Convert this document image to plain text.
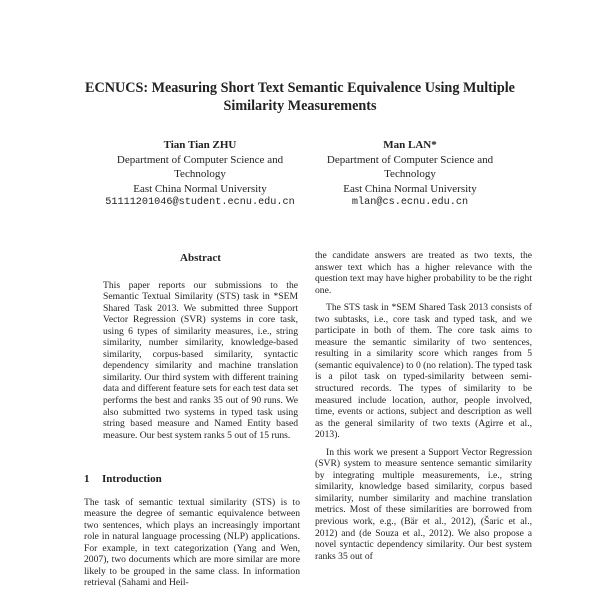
ECNUCS: Measuring Short Text Semantic Equivalence Using Multiple Similarity Measurements
Tian Tian ZHU
Department of Computer Science and Technology
East China Normal University
51111201046@student.ecnu.edu.cn
Man LAN*
Department of Computer Science and Technology
East China Normal University
mlan@cs.ecnu.edu.cn
Abstract

This paper reports our submissions to the Semantic Textual Similarity (STS) task in *SEM Shared Task 2013. We submitted three Support Vector Regression (SVR) systems in core task, using 6 types of similarity measures, i.e., string similarity, number similarity, knowledge-based similarity, corpus-based similarity, syntactic dependency similarity and machine translation similarity. Our third system with different training data and different feature sets for each test data set performs the best and ranks 35 out of 90 runs. We also submitted two systems in typed task using string based measure and Named Entity based measure. Our best system ranks 5 out of 15 runs.

1 Introduction

The task of semantic textual similarity (STS) is to measure the degree of semantic equivalence between two sentences, which plays an increasingly important role in natural language processing (NLP) applications. For example, in text categorization (Yang and Wen, 2007), two documents which are more similar are more likely to be grouped in the same class. In information retrieval (Sahami and Heil-

the candidate answers are treated as two texts, the answer text which has a higher relevance with the question text may have higher probability to be the right one.

The STS task in *SEM Shared Task 2013 consists of two subtasks, i.e., core task and typed task, and we participate in both of them. The core task aims to measure the semantic similarity of two sentences, resulting in a similarity score which ranges from 5 (semantic equivalence) to 0 (no relation). The typed task is a pilot task on typed-similarity between semi-structured records. The types of similarity to be measured include location, author, people involved, time, events or actions, subject and description as well as the general similarity of two texts (Agirre et al., 2013).

In this work we present a Support Vector Regression (SVR) system to measure sentence semantic similarity by integrating multiple measurements, i.e., string similarity, knowledge based similarity, corpus based similarity, number similarity and machine translation metrics. Most of these similarities are borrowed from previous work, e.g., (Bär et al., 2012), (Šaric et al., 2012) and (de Souza et al., 2012). We also propose a novel syntactic dependency similarity. Our best system ranks 35 out of
